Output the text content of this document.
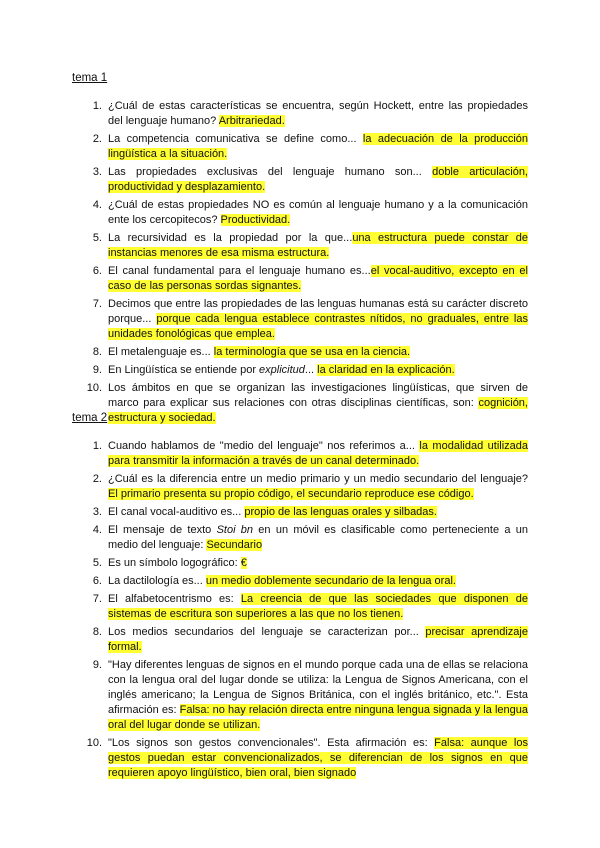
tema 1
1. ¿Cuál de estas características se encuentra, según Hockett, entre las propiedades del lenguaje humano? Arbitrariedad.
2. La competencia comunicativa se define como... la adecuación de la producción lingüística a la situación.
3. Las propiedades exclusivas del lenguaje humano son... doble articulación, productividad y desplazamiento.
4. ¿Cuál de estas propiedades NO es común al lenguaje humano y a la comunicación ente los cercopitecos? Productividad.
5. La recursividad es la propiedad por la que...una estructura puede constar de instancias menores de esa misma estructura.
6. El canal fundamental para el lenguaje humano es...el vocal-auditivo, excepto en el caso de las personas sordas signantes.
7. Decimos que entre las propiedades de las lenguas humanas está su carácter discreto porque... porque cada lengua establece contrastes nítidos, no graduales, entre las unidades fonológicas que emplea.
8. El metalenguaje es... la terminología que se usa en la ciencia.
9. En Lingüística se entiende por explicitud... la claridad en la explicación.
10. Los ámbitos en que se organizan las investigaciones lingüísticas, que sirven de marco para explicar sus relaciones con otras disciplinas científicas, son: cognición, estructura y sociedad.
tema 2
1. Cuando hablamos de "medio del lenguaje" nos referimos a... la modalidad utilizada para transmitir la información a través de un canal determinado.
2. ¿Cuál es la diferencia entre un medio primario y un medio secundario del lenguaje? El primario presenta su propio código, el secundario reproduce ese código.
3. El canal vocal-auditivo es... propio de las lenguas orales y silbadas.
4. El mensaje de texto Stoi bn en un móvil es clasificable como perteneciente a un medio del lenguaje: Secundario
5. Es un símbolo logográfico: €
6. La dactilología es... un medio doblemente secundario de la lengua oral.
7. El alfabetocentrismo es: La creencia de que las sociedades que disponen de sistemas de escritura son superiores a las que no los tienen.
8. Los medios secundarios del lenguaje se caracterizan por... precisar aprendizaje formal.
9. "Hay diferentes lenguas de signos en el mundo porque cada una de ellas se relaciona con la lengua oral del lugar donde se utiliza: la Lengua de Signos Americana, con el inglés americano; la Lengua de Signos Británica, con el inglés británico, etc.". Esta afirmación es: Falsa: no hay relación directa entre ninguna lengua signada y la lengua oral del lugar donde se utilizan.
10. "Los signos son gestos convencionales". Esta afirmación es: Falsa: aunque los gestos puedan estar convencionalizados, se diferencian de los signos en que requieren apoyo lingüístico, bien oral, bien signado
